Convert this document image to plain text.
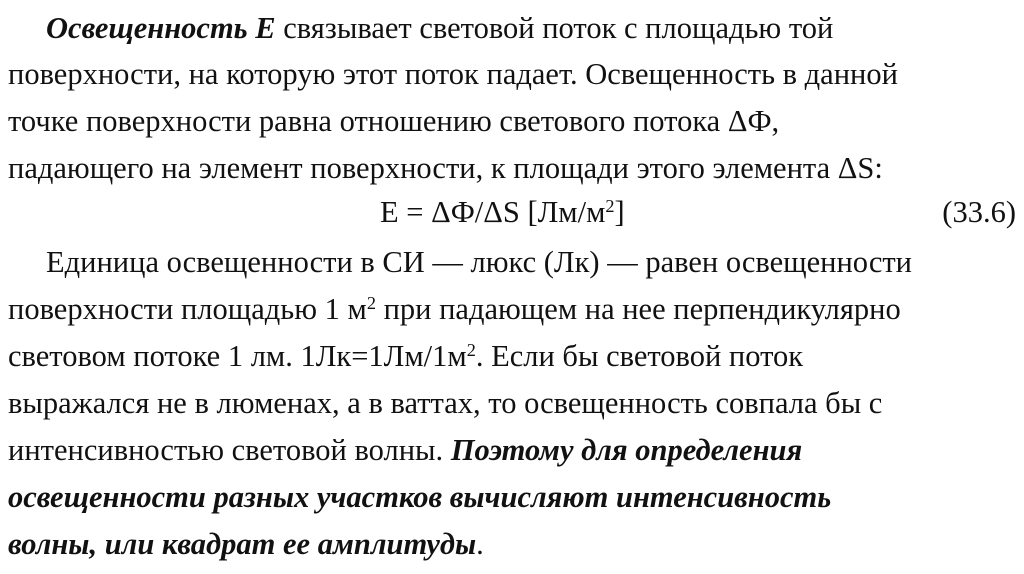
Освещенность Е связывает световой поток с площадью той
поверхности, на которую этот поток падает. Освещенность в данной
точке поверхности равна отношению светового потока ΔФ,
падающего на элемент поверхности, к площади этого элемента ΔS:
E = ΔФ/ΔS $[Лм/м^2]$	(33.6)
Единица освещенности в СИ — люкс (Лк) — равен освещенности
поверхности площадью 1 $м^2$ при падающем на нее перпендикулярно
световом потоке 1 лм. $1Лк=1Лм/1м^2$. Если бы световой поток
выражался не в люменах, а в ваттах, то освещенность совпала бы с
интенсивностью световой волны. Поэтому для определения
освещенности разных участков вычисляют интенсивность
волны, или квадрат ее амплитуды.
